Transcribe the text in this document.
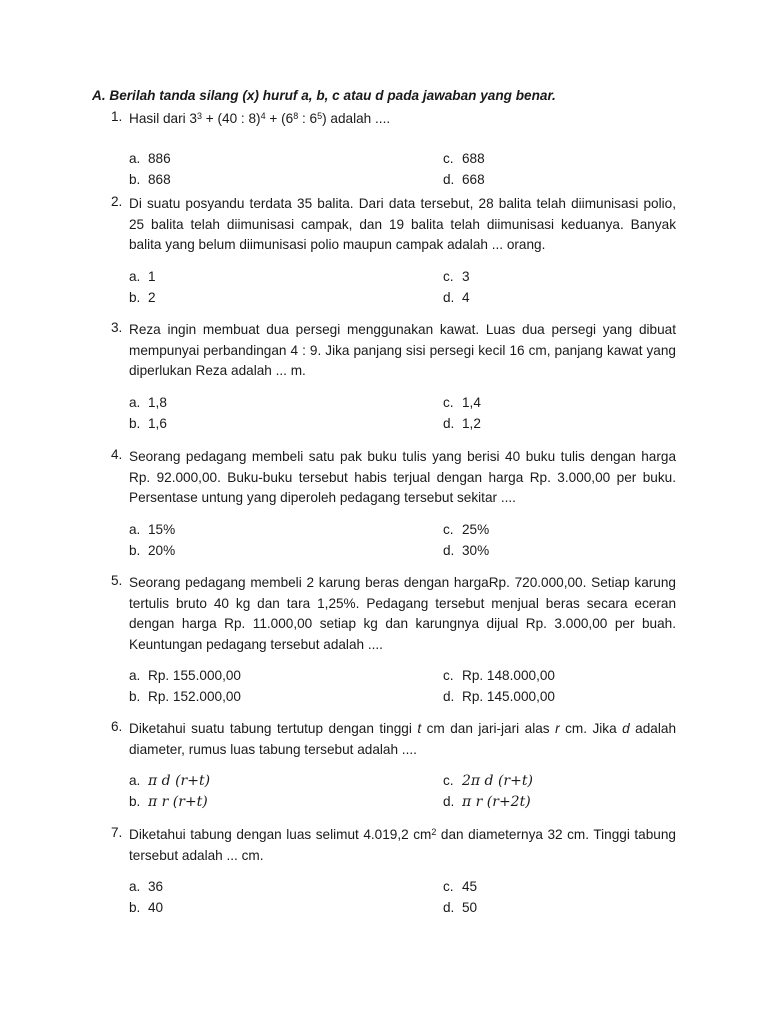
A. Berilah tanda silang (x) huruf a, b, c atau d pada jawaban yang benar.
1. Hasil dari $3^3 + (40$ : $8)^4 + (6^8$ : $6^5$) adalah ....
a. 886
b. 868
c. 688
d. 668
2. Di suatu posyandu terdata 35 balita. Dari data tersebut, 28 balita telah diimunisasi polio, 25 balita telah diimunisasi campak, dan 19 balita telah diimunisasi keduanya. Banyak balita yang belum diimunisasi polio maupun campak adalah ... orang.
a. 1
b. 2
c. 3
d. 4
3. Reza ingin membuat dua persegi menggunakan kawat. Luas dua persegi yang dibuat mempunyai perbandingan 4 : 9. Jika panjang sisi persegi kecil 16 cm, panjang kawat yang diperlukan Reza adalah ... m.
a. 1,8
b. 1,6
c. 1,4
d. 1,2
4. Seorang pedagang membeli satu pak buku tulis yang berisi 40 buku tulis dengan harga Rp. 92.000,00. Buku-buku tersebut habis terjual dengan harga Rp. 3.000,00 per buku. Persentase untung yang diperoleh pedagang tersebut sekitar ....
a. 15%
b. 20%
c. 25%
d. 30%
5. Seorang pedagang membeli 2 karung beras dengan hargaRp. 720.000,00. Setiap karung tertulis bruto 40 kg dan tara 1,25%. Pedagang tersebut menjual beras secara eceran dengan harga Rp. 11.000,00 setiap kg dan karungnya dijual Rp. 3.000,00 per buah. Keuntungan pedagang tersebut adalah ....
a. Rp. 155.000,00
b. Rp. 152.000,00
c. Rp. 148.000,00
d. Rp. 145.000,00
6. Diketahui suatu tabung tertutup dengan tinggi t cm dan jari-jari alas r cm. Jika d adalah diameter, rumus luas tabung tersebut adalah ....
a. π d (r+t)
b. π r (r+t)
c. 2π d (r+t)
d. π r (r+2t)
7. Diketahui tabung dengan luas selimut 4.019,2 $cm^2$ dan diameternya 32 cm. Tinggi tabung tersebut adalah ... cm.
a. 36
b. 40
c. 45
d. 50
